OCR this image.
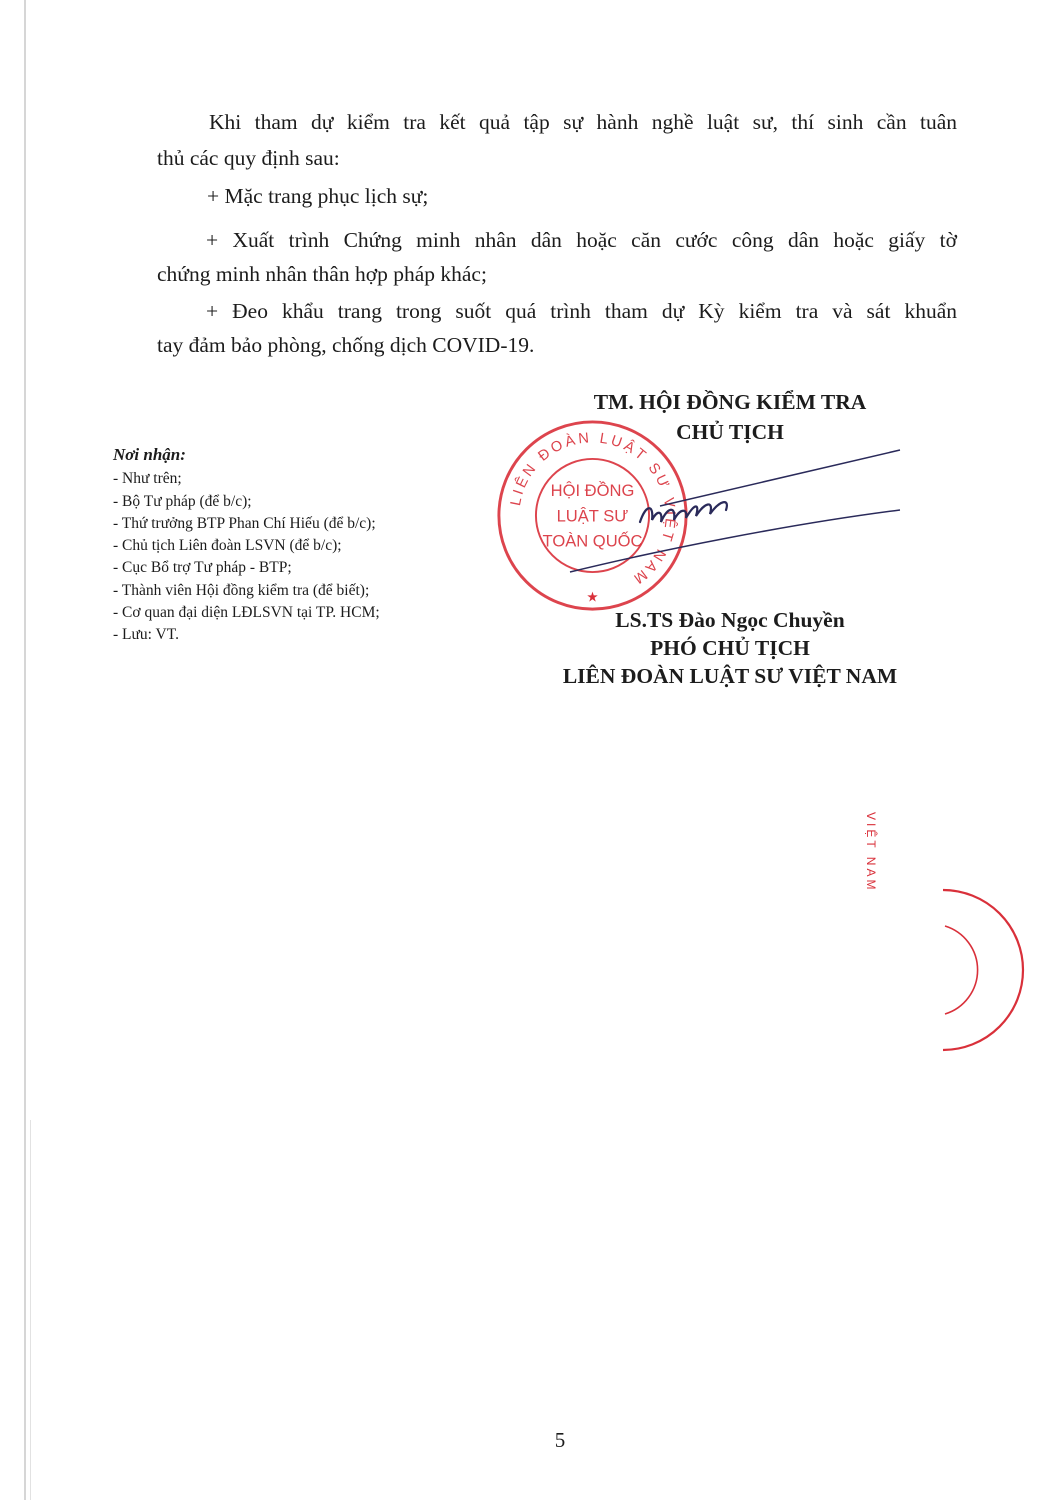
Khi tham dự kiểm tra kết quả tập sự hành nghề luật sư, thí sinh cần tuân

thủ các quy định sau:

+ Mặc trang phục lịch sự;

+ Xuất trình Chứng minh nhân dân hoặc căn cước công dân hoặc giấy tờ

chứng minh nhân thân hợp pháp khác;

+ Đeo khẩu trang trong suốt quá trình tham dự Kỳ kiểm tra và sát khuẩn

tay đảm bảo phòng, chống dịch COVID-19.

TM. HỘI ĐỒNG KIỂM TRA
CHỦ TỊCH
Nơi nhận:
- Như trên;
- Bộ Tư pháp (để b/c);
- Thứ trưởng BTP Phan Chí Hiếu (để b/c);
- Chủ tịch Liên đoàn LSVN (để b/c);
- Cục Bổ trợ Tư pháp - BTP;
- Thành viên Hội đồng kiểm tra (để biết);
- Cơ quan đại diện LĐLSVN tại TP. HCM;
- Lưu: VT.
LIÊN ĐOÀN LUẬT SƯ VIỆT NAM
HỘI ĐỒNG
LUẬT SƯ
TOÀN QUỐC
★
LS.TS Đào Ngọc Chuyền
PHÓ CHỦ TỊCH
LIÊN ĐOÀN LUẬT SƯ VIỆT NAM
VIỆT NAM
5
